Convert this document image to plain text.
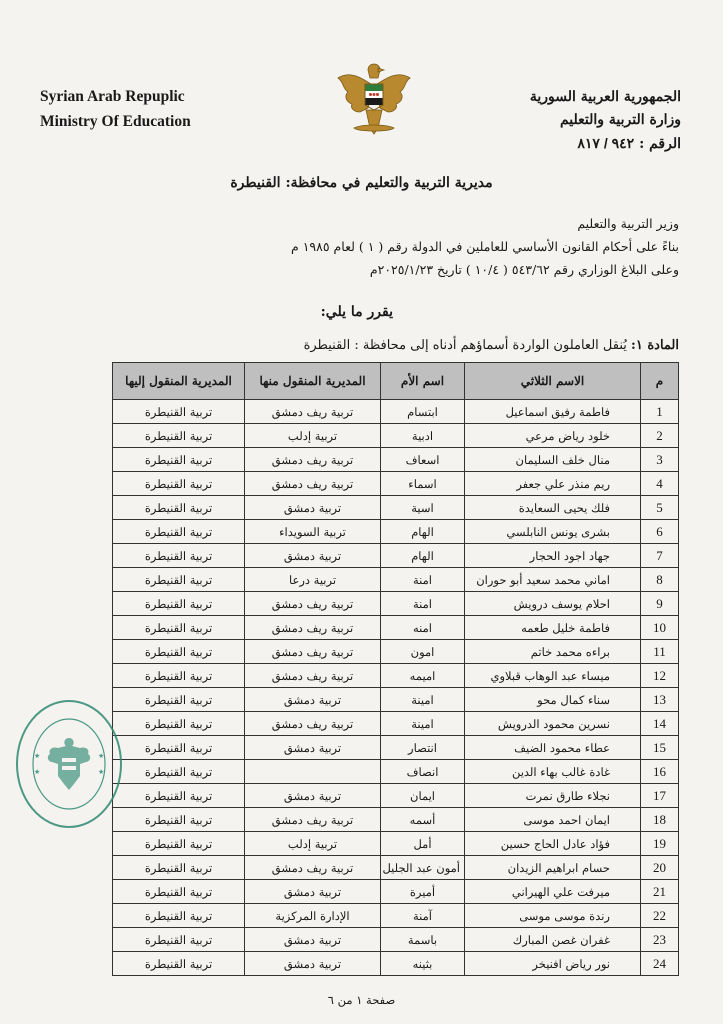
Syrian Arab Repuplic
Ministry Of Education
الجمهورية العربية السورية
وزارة التربية والتعليم
الرقم : ٩٤٢ / ٨١٧
مديرية التربية والتعليم في محافظة: القنيطرة
وزير التربية والتعليم
بناءً على أحكام القانون الأساسي للعاملين في الدولة رقم ( ١ ) لعام ١٩٨٥ م
وعلى البلاغ الوزاري رقم ٥٤٣/٦٢ ( ١٠/٤ ) تاريخ ٢٠٢٥/١/٢٣م
يقرر ما يلي:
المادة ١: يُنقل العاملون الواردة أسماؤهم أدناه إلى محافظة : القنيطرة
م	الاسم الثلاثي	اسم الأم	المديرية المنقول منها	المديرية المنقول إليها
1	فاطمة رفيق اسماعيل	ابتسام	تربية ريف دمشق	تربية القنيطرة
2	خلود رياض مرعي	ادبية	تربية إدلب	تربية القنيطرة
3	منال خلف السليمان	اسعاف	تربية ريف دمشق	تربية القنيطرة
4	ريم منذر علي جعفر	اسماء	تربية ريف دمشق	تربية القنيطرة
5	فلك يحيى السعايدة	اسية	تربية دمشق	تربية القنيطرة
6	بشرى يونس النابلسي	الهام	تربية السويداء	تربية القنيطرة
7	جهاد اجود الحجار	الهام	تربية دمشق	تربية القنيطرة
8	اماني محمد سعيد أبو حوران	امنة	تربية درعا	تربية القنيطرة
9	احلام يوسف درويش	امنة	تربية ريف دمشق	تربية القنيطرة
10	فاطمة خليل طعمه	امنه	تربية ريف دمشق	تربية القنيطرة
11	براءه محمد خاتم	امون	تربية ريف دمشق	تربية القنيطرة
12	ميساء عبد الوهاب قبلاوي	اميمه	تربية ريف دمشق	تربية القنيطرة
13	سناء كمال محو	امينة	تربية دمشق	تربية القنيطرة
14	نسرين محمود الدرويش	امينة	تربية ريف دمشق	تربية القنيطرة
15	عطاء محمود الضيف	انتصار	تربية دمشق	تربية القنيطرة
16	غادة غالب بهاء الدين	انصاف		تربية القنيطرة
17	نجلاء طارق نمرت	ايمان	تربية دمشق	تربية القنيطرة
18	ايمان احمد موسى	أسمه	تربية ريف دمشق	تربية القنيطرة
19	فؤاد عادل الحاج حسين	أمل	تربية إدلب	تربية القنيطرة
20	حسام ابراهيم الزيدان	أمون عبد الجليل	تربية ريف دمشق	تربية القنيطرة
21	ميرفت علي الهيراني	أميرة	تربية دمشق	تربية القنيطرة
22	رندة موسى موسى	آمنة	الإدارة المركزية	تربية القنيطرة
23	غفران غصن المبارك	باسمة	تربية دمشق	تربية القنيطرة
24	نور رياض افنيخر	بثينه	تربية دمشق	تربية القنيطرة
★	★
★	★
صفحة ١ من ٦
